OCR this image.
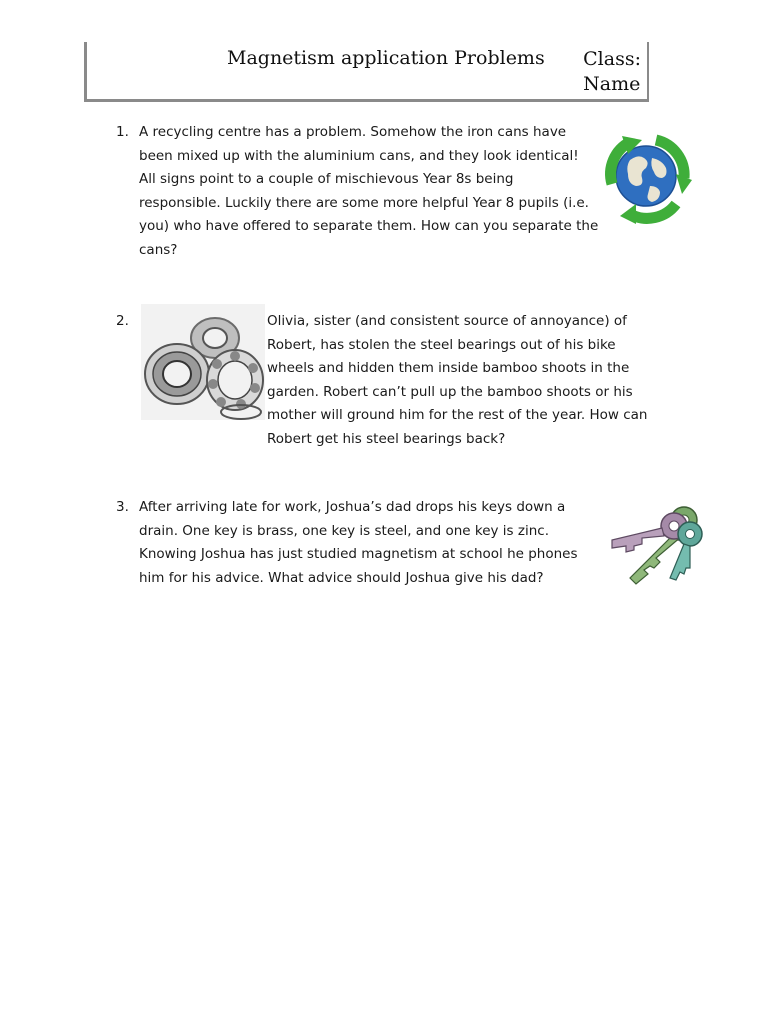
Magnetism application Problems Class:
Name
1. A recycling centre has a problem. Somehow the iron cans have been mixed up with the aluminium cans, and they look identical! All signs point to a couple of mischievous Year 8s being responsible. Luckily there are some more helpful Year 8 pupils (i.e. you) who have offered to separate them. How can you separate the cans?
2.	Olivia, sister (and consistent source of annoyance) of Robert, has stolen the steel bearings out of his bike wheels and hidden them inside bamboo shoots in the garden. Robert can’t pull up the bamboo shoots or his mother will ground him for the rest of the year. How can Robert get his steel bearings back?
3. After arriving late for work, Joshua’s dad drops his keys down a drain. One key is brass, one key is steel, and one key is zinc. Knowing Joshua has just studied magnetism at school he phones him for his advice. What advice should Joshua give his dad?
